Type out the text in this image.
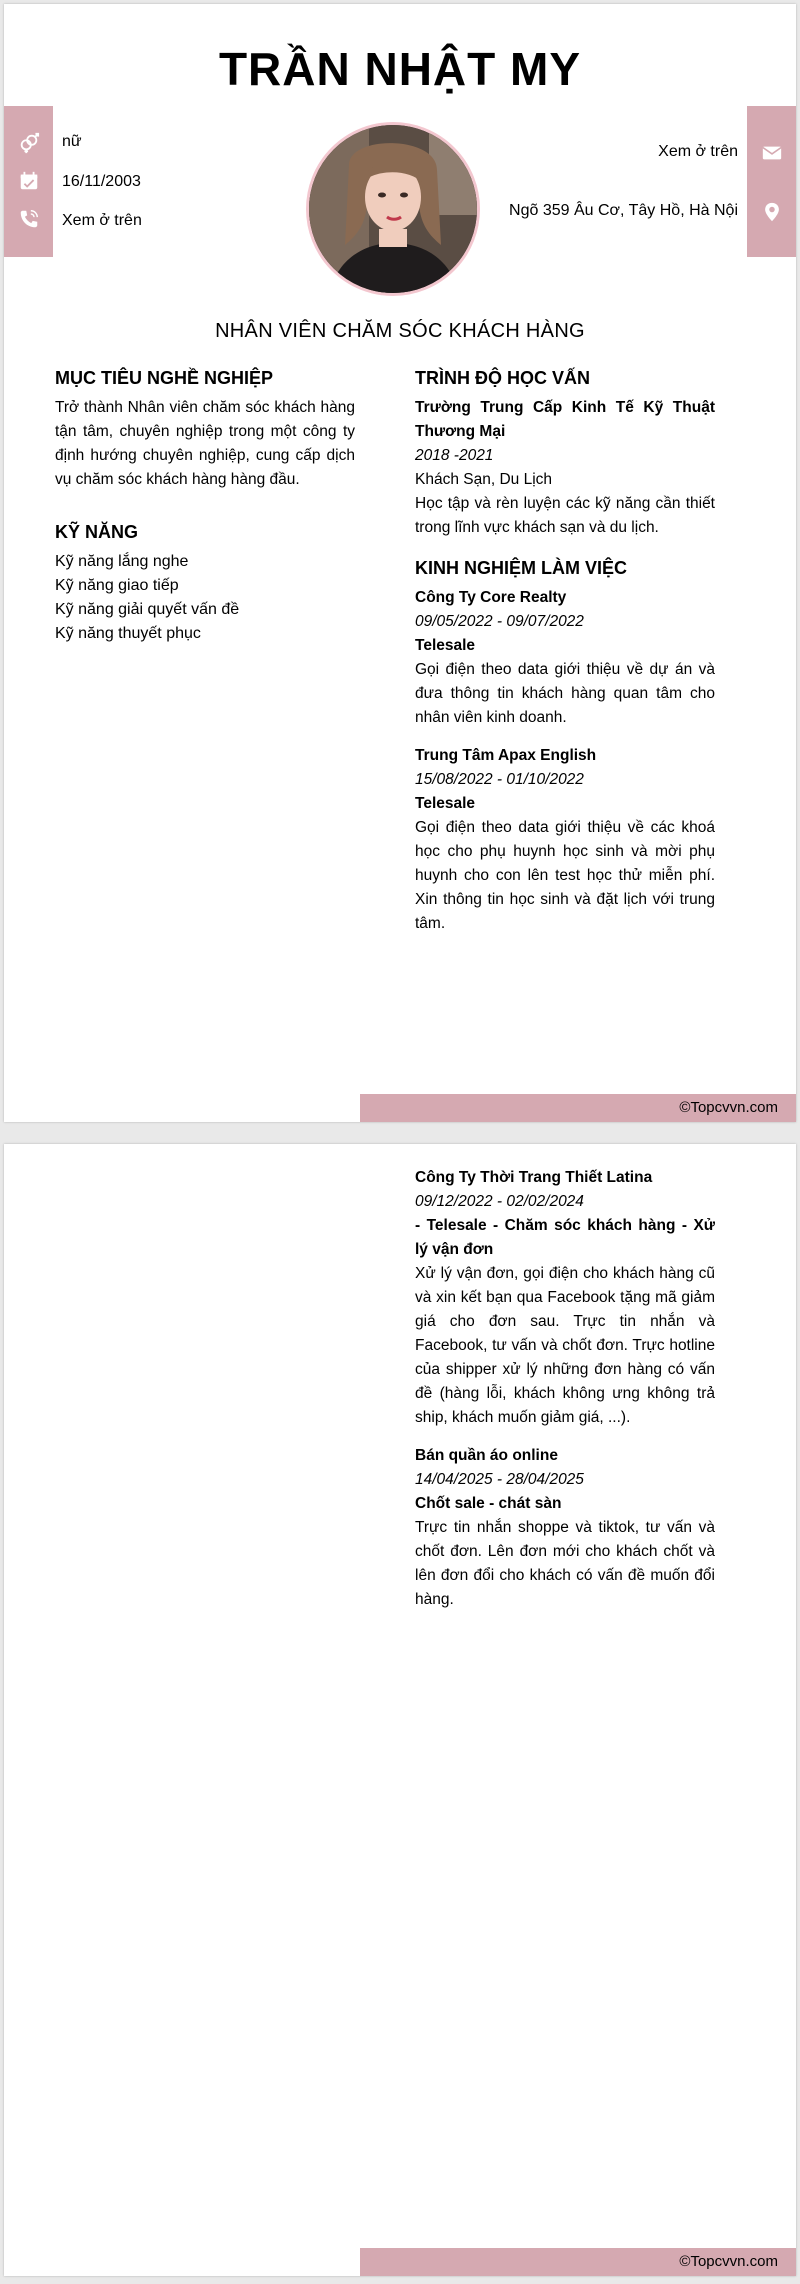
TRẦN NHẬT MY
nữ
16/11/2003
Xem ở trên
Xem ở trên
Ngõ 359 Âu Cơ, Tây Hồ, Hà Nội
NHÂN VIÊN CHĂM SÓC KHÁCH HÀNG
MỤC TIÊU NGHỀ NGHIỆP

Trở thành Nhân viên chăm sóc khách hàng tận tâm, chuyên nghiệp trong một công ty định hướng chuyên nghiệp, cung cấp dịch vụ chăm sóc khách hàng hàng đầu.

KỸ NĂNG
Kỹ năng lắng nghe
Kỹ năng giao tiếp
Kỹ năng giải quyết vấn đề
Kỹ năng thuyết phục
TRÌNH ĐỘ HỌC VẤN

Trường Trung Cấp Kinh Tế Kỹ Thuật Thương Mại

2018 -2021

Khách Sạn, Du Lịch

Học tập và rèn luyện các kỹ năng cần thiết trong lĩnh vực khách sạn và du lịch.

KINH NGHIỆM LÀM VIỆC

Công Ty Core Realty

09/05/2022 - 09/07/2022

Telesale

Gọi điện theo data giới thiệu về dự án và đưa thông tin khách hàng quan tâm cho nhân viên kinh doanh.

Trung Tâm Apax English

15/08/2022 - 01/10/2022

Telesale

Gọi điện theo data giới thiệu về các khoá học cho phụ huynh học sinh và mời phụ huynh cho con lên test học thử miễn phí. Xin thông tin học sinh và đặt lịch với trung tâm.

©Topcvvn.com

Công Ty Thời Trang Thiết Latina

09/12/2022 - 02/02/2024

- Telesale - Chăm sóc khách hàng - Xử lý vận đơn

Xử lý vận đơn, gọi điện cho khách hàng cũ và xin kết bạn qua Facebook tặng mã giảm giá cho đơn sau. Trực tin nhắn và Facebook, tư vấn và chốt đơn. Trực hotline của shipper xử lý những đơn hàng có vấn đề (hàng lỗi, khách không ưng không trả ship, khách muốn giảm giá, ...).

Bán quần áo online

14/04/2025 - 28/04/2025

Chốt sale - chát sàn

Trực tin nhắn shoppe và tiktok, tư vấn và chốt đơn. Lên đơn mới cho khách chốt và lên đơn đổi cho khách có vấn đề muốn đổi hàng.

©Topcvvn.com
